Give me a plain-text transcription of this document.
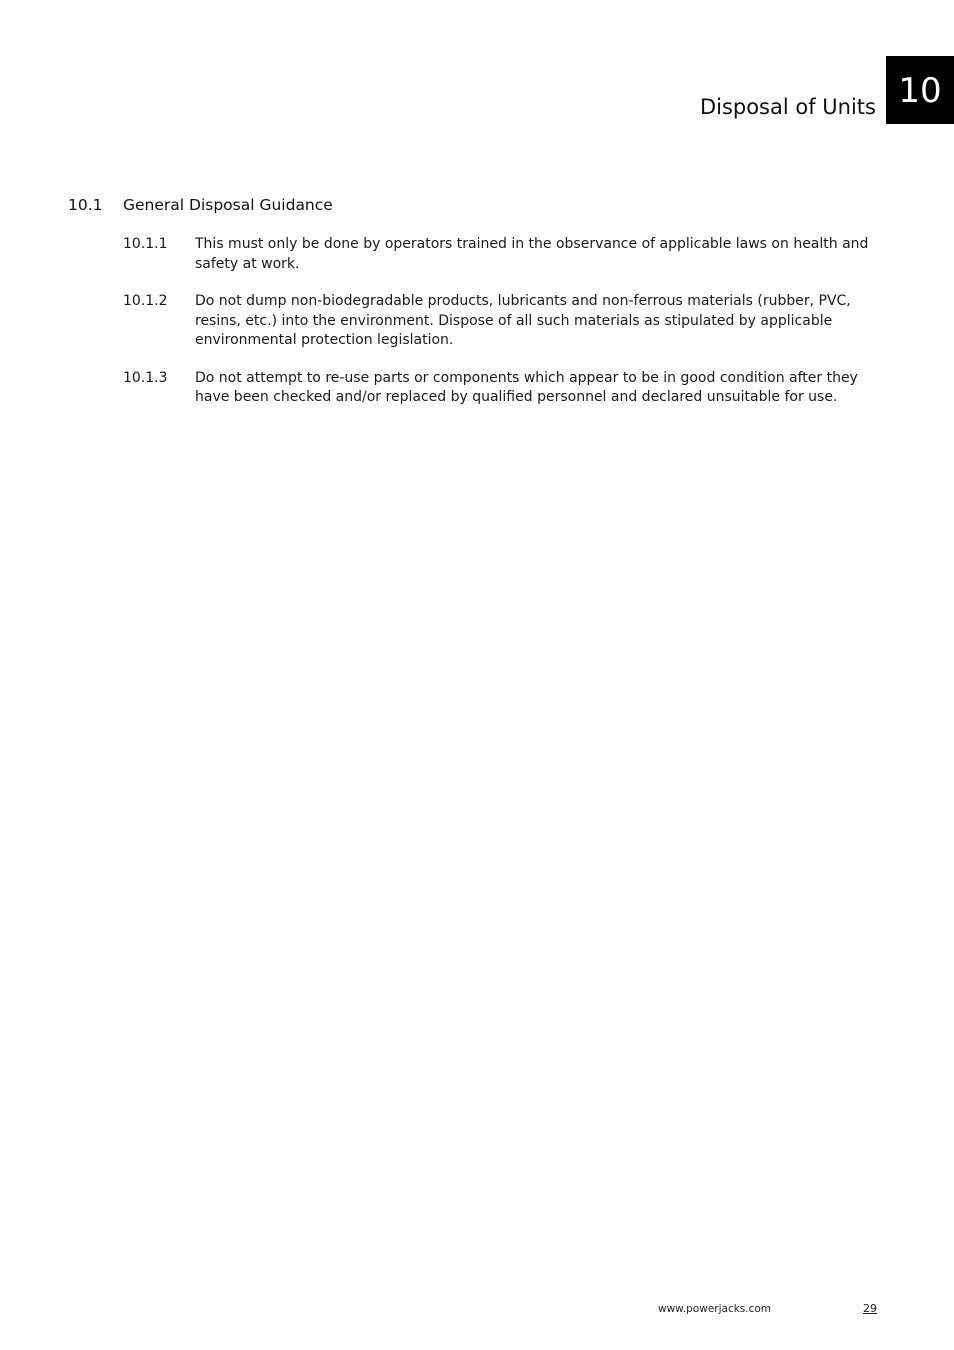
Disposal of Units 10
10.1 General Disposal Guidance
10.1.1	This must only be done by operators trained in the observance of applicable laws on health and safety at work.
10.1.2	Do not dump non-biodegradable products, lubricants and non-ferrous materials (rubber, PVC, resins, etc.) into the environment. Dispose of all such materials as stipulated by applicable environmental protection legislation.
10.1.3	Do not attempt to re-use parts or components which appear to be in good condition after they have been checked and/or replaced by qualified personnel and declared unsuitable for use.
www.powerjacks.com	29
